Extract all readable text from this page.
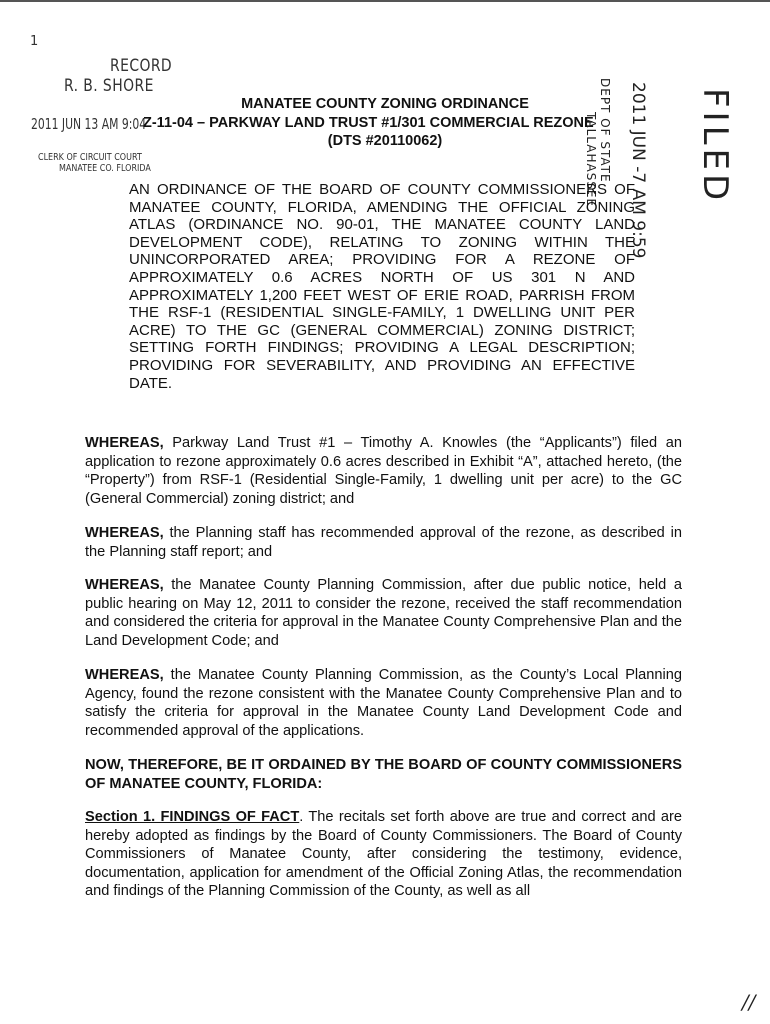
1
RECORD
R. B. SHORE
2011 JUN 13 AM 9:04
CLERK OF CIRCUIT COURT
MANATEE CO. FLORIDA
MANATEE COUNTY ZONING ORDINANCE
Z-11-04 – PARKWAY LAND TRUST #1/301 COMMERCIAL REZONE
(DTS #20110062)	DEPT OF STATE
TALLAHASSEE 2011 JUN -7 AM 9:59 FILED
AN ORDINANCE OF THE BOARD OF COUNTY COMMISSIONERS OF MANATEE COUNTY, FLORIDA, AMENDING THE OFFICIAL ZONING ATLAS (ORDINANCE NO. 90-01, THE MANATEE COUNTY LAND DEVELOPMENT CODE), RELATING TO ZONING WITHIN THE UNINCORPORATED AREA; PROVIDING FOR A REZONE OF APPROXIMATELY 0.6 ACRES NORTH OF US 301 N AND APPROXIMATELY 1,200 FEET WEST OF ERIE ROAD, PARRISH FROM THE RSF-1 (RESIDENTIAL SINGLE-FAMILY, 1 DWELLING UNIT PER ACRE) TO THE GC (GENERAL COMMERCIAL) ZONING DISTRICT; SETTING FORTH FINDINGS; PROVIDING A LEGAL DESCRIPTION; PROVIDING FOR SEVERABILITY, AND PROVIDING AN EFFECTIVE DATE.
WHEREAS, Parkway Land Trust #1 – Timothy A. Knowles (the “Applicants”) filed an application to rezone approximately 0.6 acres described in Exhibit “A”, attached hereto, (the “Property”) from RSF-1 (Residential Single-Family, 1 dwelling unit per acre) to the GC (General Commercial) zoning district; and
WHEREAS, the Planning staff has recommended approval of the rezone, as described in the Planning staff report; and
WHEREAS, the Manatee County Planning Commission, after due public notice, held a public hearing on May 12, 2011 to consider the rezone, received the staff recommendation and considered the criteria for approval in the Manatee County Comprehensive Plan and the Land Development Code; and
WHEREAS, the Manatee County Planning Commission, as the County’s Local Planning Agency, found the rezone consistent with the Manatee County Comprehensive Plan and to satisfy the criteria for approval in the Manatee County Land Development Code and recommended approval of the applications.
NOW, THEREFORE, BE IT ORDAINED BY THE BOARD OF COUNTY COMMISSIONERS OF MANATEE COUNTY, FLORIDA:
Section 1. FINDINGS OF FACT. The recitals set forth above are true and correct and are hereby adopted as findings by the Board of County Commissioners. The Board of County Commissioners of Manatee County, after considering the testimony, evidence, documentation, application for amendment of the Official Zoning Atlas, the recommendation and findings of the Planning Commission of the County, as well as all
//
